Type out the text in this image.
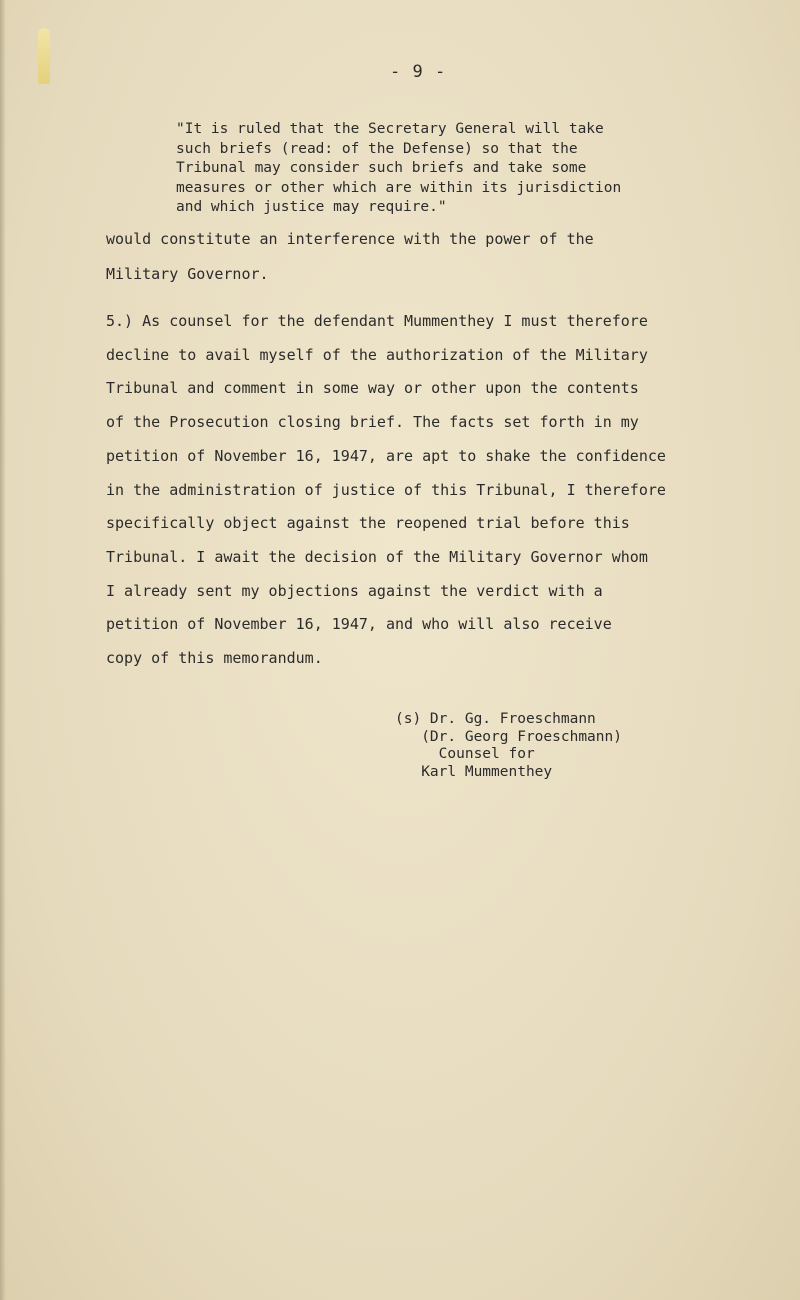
- 9 -
"It is ruled that the Secretary General will take
such briefs (read: of the Defense) so that the
Tribunal may consider such briefs and take some
measures or other which are within its jurisdiction
and which justice may require."
would constitute an interference with the power of the
Military Governor.
5.) As counsel for the defendant Mummenthey I must therefore
decline to avail myself of the authorization of the Military
Tribunal and comment in some way or other upon the contents
of the Prosecution closing brief. The facts set forth in my
petition of November 16, 1947, are apt to shake the confidence
in the administration of justice of this Tribunal, I therefore
specifically object against the reopened trial before this
Tribunal. I await the decision of the Military Governor whom
I already sent my objections against the verdict with a
petition of November 16, 1947, and who will also receive
copy of this memorandum.
(s) Dr. Gg. Froeschmann
(Dr. Georg Froeschmann)
Counsel for
Karl Mummenthey
